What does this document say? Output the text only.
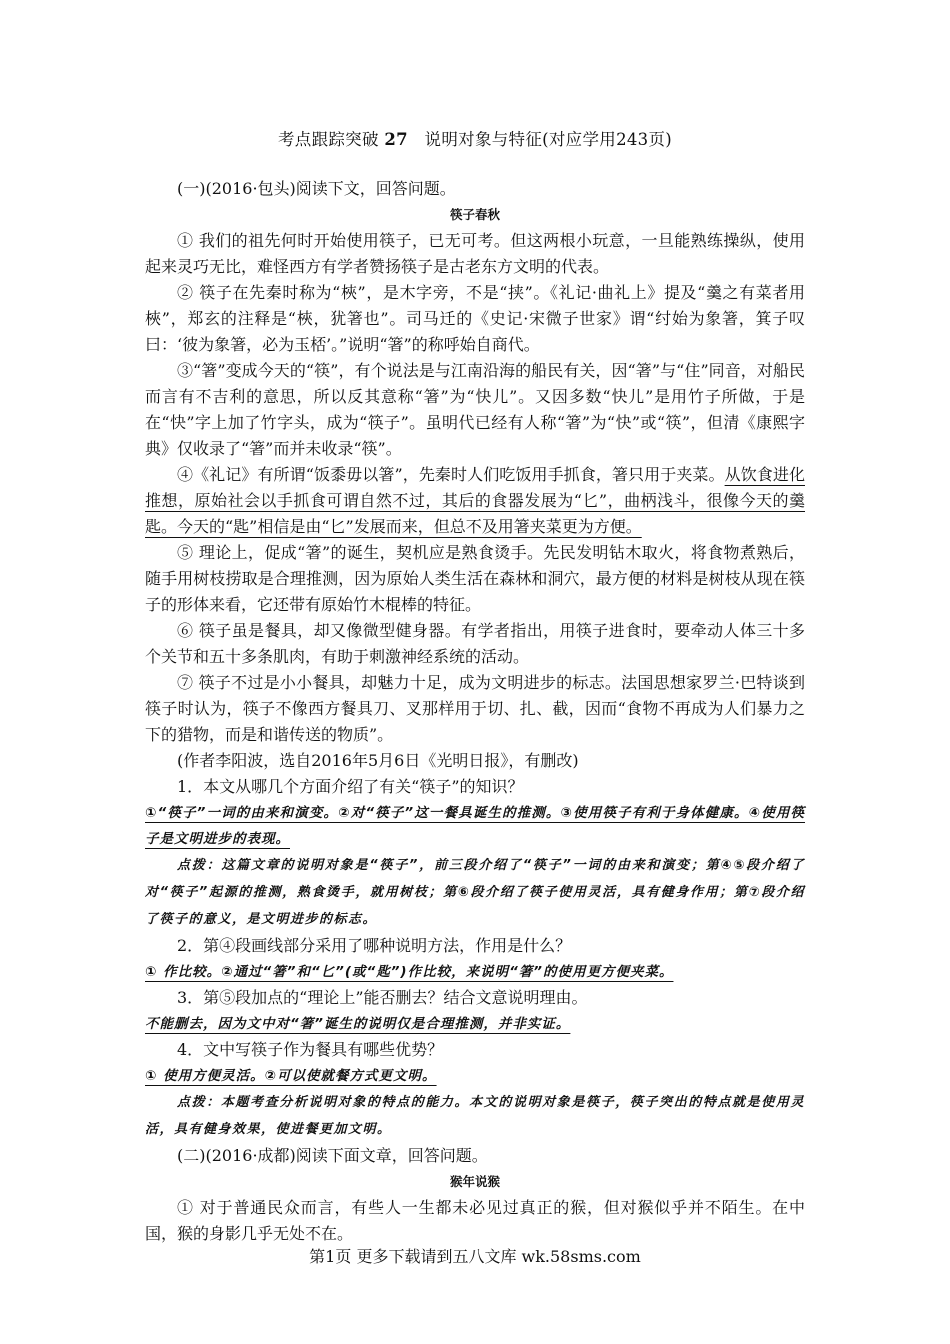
考点跟踪突破 27 说明对象与特征(对应学用243页)

(一)(2016·包头)阅读下文，回答问题。

筷子春秋

① 我们的祖先何时开始使用筷子，已无可考。但这两根小玩意，一旦能熟练操纵，使用起来灵巧无比，难怪西方有学者赞扬筷子是古老东方文明的代表。

② 筷子在先秦时称为“梜”，是木字旁，不是“挟”。《礼记·曲礼上》提及“羹之有菜者用梜”，郑玄的注释是“梜，犹箸也”。司马迁的《史记·宋微子世家》谓“纣始为象箸，箕子叹曰：‘彼为象箸，必为玉桮’。”说明“箸”的称呼始自商代。

③“箸”变成今天的“筷”，有个说法是与江南沿海的船民有关，因“箸”与“住”同音，对船民而言有不吉利的意思，所以反其意称“箸”为“快儿”。又因多数“快儿”是用竹子所做，于是在“快”字上加了竹字头，成为“筷子”。虽明代已经有人称“箸”为“快”或“筷”，但清《康熙字典》仅收录了“箸”而并未收录“筷”。

④《礼记》有所谓“饭黍毋以箸”，先秦时人们吃饭用手抓食，箸只用于夹菜。从饮食进化推想，原始社会以手抓食可谓自然不过，其后的食器发展为“匕”，曲柄浅斗，很像今天的羹匙。今天的“匙”相信是由“匕”发展而来，但总不及用箸夹菜更为方便。

⑤ 理论上，促成“箸”的诞生，契机应是熟食烫手。先民发明钻木取火，将食物煮熟后，随手用树枝捞取是合理推测，因为原始人类生活在森林和洞穴，最方便的材料是树枝从现在筷子的形体来看，它还带有原始竹木棍棒的特征。

⑥ 筷子虽是餐具，却又像微型健身器。有学者指出，用筷子进食时，要牵动人体三十多个关节和五十多条肌肉，有助于刺激神经系统的活动。

⑦ 筷子不过是小小餐具，却魅力十足，成为文明进步的标志。法国思想家罗兰·巴特谈到筷子时认为，筷子不像西方餐具刀、叉那样用于切、扎、截，因而“食物不再成为人们暴力之下的猎物，而是和谐传送的物质”。

(作者李阳波，选自2016年5月6日《光明日报》，有删改)

1．本文从哪几个方面介绍了有关“筷子”的知识？

①“筷子”一词的由来和演变。②对“筷子”这一餐具诞生的推测。③使用筷子有利于身体健康。④使用筷子是文明进步的表现。

点拨：这篇文章的说明对象是“筷子”，前三段介绍了“筷子”一词的由来和演变；第④⑤段介绍了对“筷子”起源的推测，熟食烫手，就用树枝；第⑥段介绍了筷子使用灵活，具有健身作用；第⑦段介绍了筷子的意义，是文明进步的标志。

2．第④段画线部分采用了哪种说明方法，作用是什么？

① 作比较。②通过“箸”和“匕”(或“匙”)作比较，来说明“箸”的使用更方便夹菜。

3．第⑤段加点的“理论上”能否删去？结合文意说明理由。

不能删去，因为文中对“箸”诞生的说明仅是合理推测，并非实证。

4．文中写筷子作为餐具有哪些优势？

① 使用方便灵活。②可以使就餐方式更文明。

点拨：本题考查分析说明对象的特点的能力。本文的说明对象是筷子，筷子突出的特点就是使用灵活，具有健身效果，使进餐更加文明。

(二)(2016·成都)阅读下面文章，回答问题。

猴年说猴

① 对于普通民众而言，有些人一生都未必见过真正的猴，但对猴似乎并不陌生。在中国，猴的身影几乎无处不在。

第1页 更多下载请到五八文库 wk.58sms.com
